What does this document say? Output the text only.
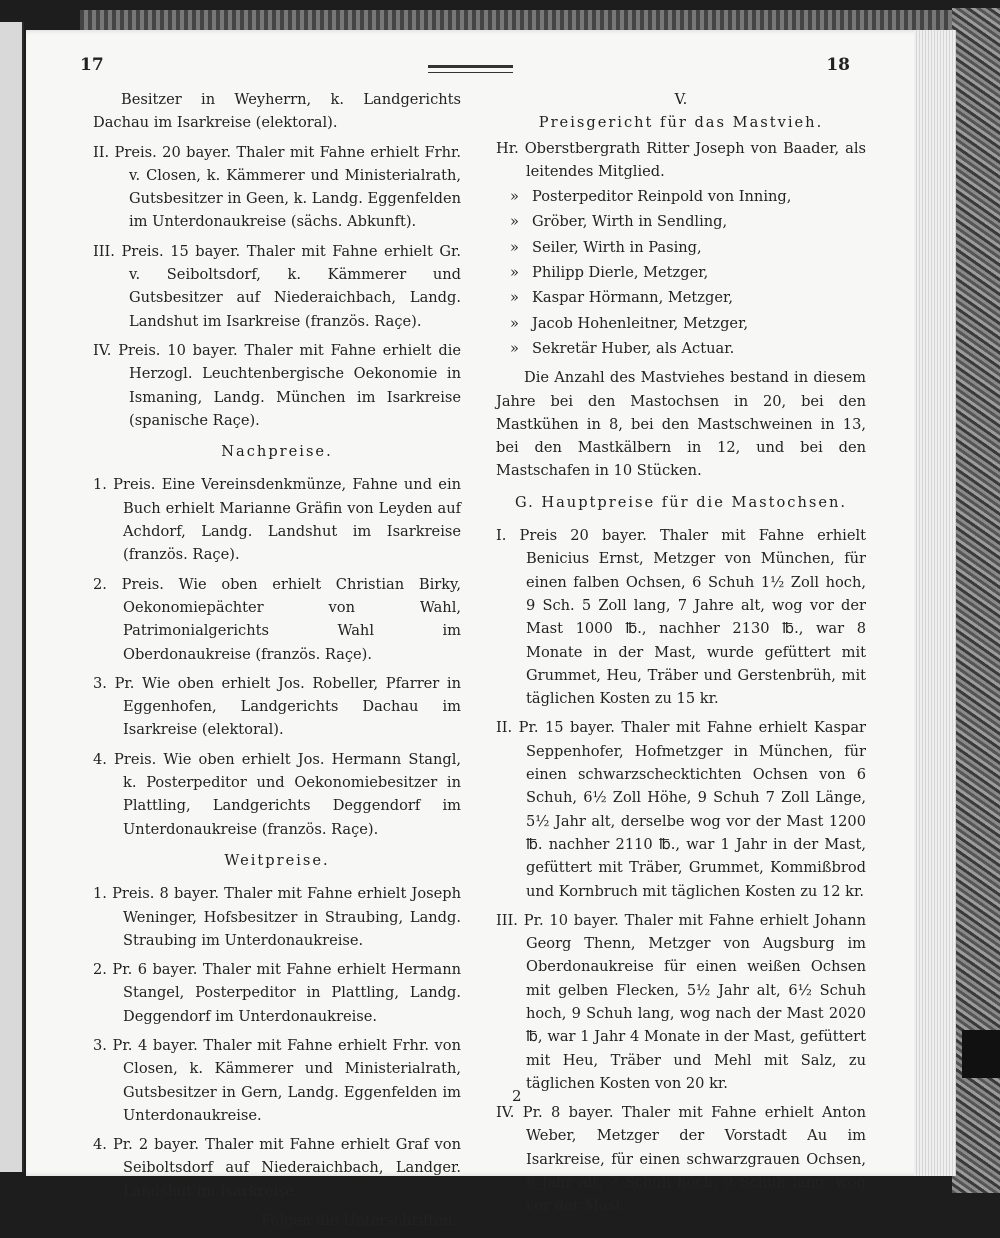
17	18

Besitzer in Weyherrn, k. Landgerichts Dachau im Isarkreise (elektoral).

II. Preis. 20 bayer. Thaler mit Fahne erhielt Frhr. v. Closen, k. Kämmerer und Ministerialrath, Gutsbesitzer in Geen, k. Landg. Eggenfelden im Unterdonaukreise (sächs. Abkunft).

III. Preis. 15 bayer. Thaler mit Fahne erhielt Gr. v. Seiboltsdorf, k. Kämmerer und Gutsbesitzer auf Niederaichbach, Landg. Landshut im Isarkreise (französ. Raçe).

IV. Preis. 10 bayer. Thaler mit Fahne erhielt die Herzogl. Leuchtenbergische Oekonomie in Ismaning, Landg. München im Isarkreise (spanische Raçe).

Nachpreise.

1. Preis. Eine Vereinsdenkmünze, Fahne und ein Buch erhielt Marianne Gräfin von Leyden auf Achdorf, Landg. Landshut im Isarkreise (französ. Raçe).

2. Preis. Wie oben erhielt Christian Birky, Oekonomiepächter von Wahl, Patrimonialgerichts Wahl im Oberdonaukreise (französ. Raçe).

3. Pr. Wie oben erhielt Jos. Robeller, Pfarrer in Eggenhofen, Landgerichts Dachau im Isarkreise (elektoral).

4. Preis. Wie oben erhielt Jos. Hermann Stangl, k. Posterpeditor und Oekonomiebesitzer in Plattling, Landgerichts Deggendorf im Unterdonaukreise (französ. Raçe).

Weitpreise.

1. Preis. 8 bayer. Thaler mit Fahne erhielt Joseph Weninger, Hofsbesitzer in Straubing, Landg. Straubing im Unterdonaukreise.

2. Pr. 6 bayer. Thaler mit Fahne erhielt Hermann Stangel, Posterpeditor in Plattling, Landg. Deggendorf im Unterdonaukreise.

3. Pr. 4 bayer. Thaler mit Fahne erhielt Frhr. von Closen, k. Kämmerer und Ministerialrath, Gutsbesitzer in Gern, Landg. Eggenfelden im Unterdonaukreise.

4. Pr. 2 bayer. Thaler mit Fahne erhielt Graf von Seiboltsdorf auf Niederaichbach, Landger. Landshut im Isarkreise.

Folgen die Unterschriften.

V.

Preisgericht für das Mastvieh.

Hr. Oberstbergrath Ritter Joseph von Baader, als leitendes Mitglied.

» Posterpeditor Reinpold von Inning,

» Gröber, Wirth in Sendling,

» Seiler, Wirth in Pasing,

» Philipp Dierle, Metzger,

» Kaspar Hörmann, Metzger,

» Jacob Hohenleitner, Metzger,

» Sekretär Huber, als Actuar.

Die Anzahl des Mastviehes bestand in diesem Jahre bei den Mastochsen in 20, bei den Mastkühen in 8, bei den Mastschweinen in 13, bei den Mastkälbern in 12, und bei den Mastschafen in 10 Stücken.

G. Hauptpreise für die Mastochsen.

I. Preis 20 bayer. Thaler mit Fahne erhielt Benicius Ernst, Metzger von München, für einen falben Ochsen, 6 Schuh 1½ Zoll hoch, 9 Sch. 5 Zoll lang, 7 Jahre alt, wog vor der Mast 1000 ℔., nachher 2130 ℔., war 8 Monate in der Mast, wurde gefüttert mit Grummet, Heu, Träber und Gerstenbrüh, mit täglichen Kosten zu 15 kr.

II. Pr. 15 bayer. Thaler mit Fahne erhielt Kaspar Seppenhofer, Hofmetzger in München, für einen schwarzschecktichten Ochsen von 6 Schuh, 6½ Zoll Höhe, 9 Schuh 7 Zoll Länge, 5½ Jahr alt, derselbe wog vor der Mast 1200 ℔. nachher 2110 ℔., war 1 Jahr in der Mast, gefüttert mit Träber, Grummet, Kommißbrod und Kornbruch mit täglichen Kosten zu 12 kr.

III. Pr. 10 bayer. Thaler mit Fahne erhielt Johann Georg Thenn, Metzger von Augsburg im Oberdonaukreise für einen weißen Ochsen mit gelben Flecken, 5½ Jahr alt, 6½ Schuh hoch, 9 Schuh lang, wog nach der Mast 2020 ℔, war 1 Jahr 4 Monate in der Mast, gefüttert mit Heu, Träber und Mehl mit Salz, zu täglichen Kosten von 20 kr.

IV. Pr. 8 bayer. Thaler mit Fahne erhielt Anton Weber, Metzger der Vorstadt Au im Isarkreise, für einen schwarzgrauen Ochsen, 8 Jahr alt, 7 Schuh hoch, 9 Schuh lang, wog vor der Mast

2
